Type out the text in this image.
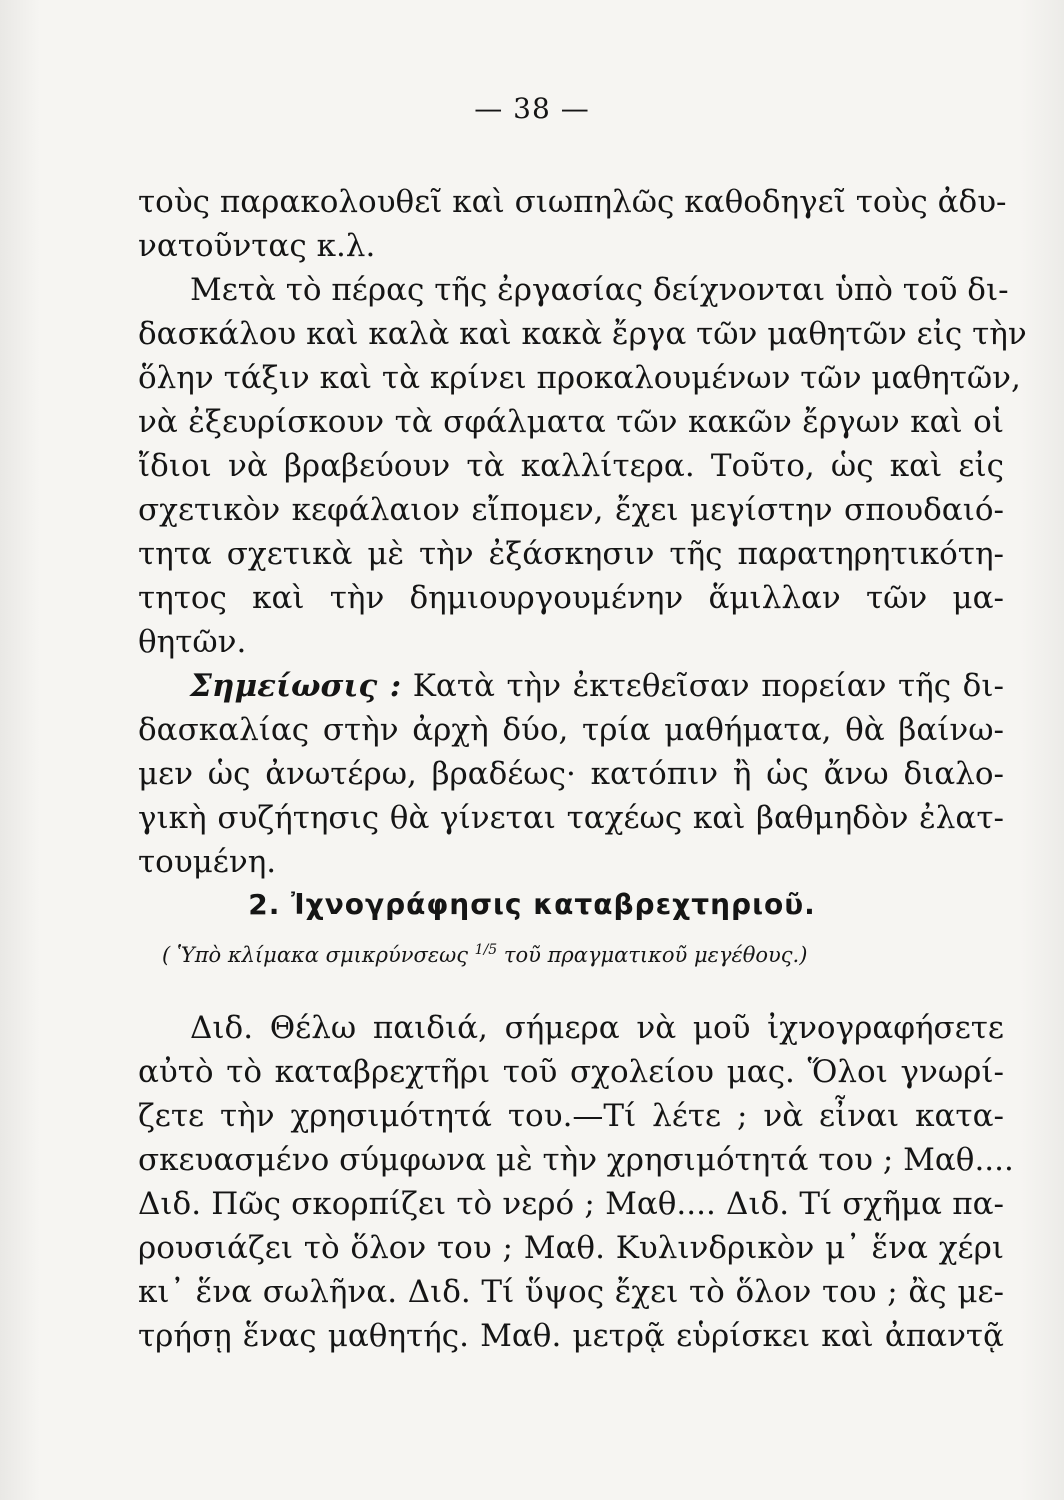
— 38 —
τοὺς παρακολουθεῖ καὶ σιωπηλῶς καθοδηγεῖ τοὺς ἀδυ-
νατοῦντας κ.λ.
Μετὰ τὸ πέρας τῆς ἐργασίας δείχνονται ὑπὸ τοῦ δι-
δασκάλου καὶ καλὰ καὶ κακὰ ἔργα τῶν μαθητῶν εἰς τὴν
ὅλην τάξιν καὶ τὰ κρίνει προκαλουμένων τῶν μαθητῶν,
νὰ ἐξευρίσκουν τὰ σφάλματα τῶν κακῶν ἔργων καὶ οἱ
ἴδιοι νὰ βραβεύουν τὰ καλλίτερα. Τοῦτο, ὡς καὶ εἰς
σχετικὸν κεφάλαιον εἴπομεν, ἔχει μεγίστην σπουδαιό-
τητα σχετικὰ μὲ τὴν ἐξάσκησιν τῆς παρατηρητικότη-
τητος καὶ τὴν δημιουργουμένην ἅμιλλαν τῶν μα-
θητῶν.
Σημείωσις : Κατὰ τὴν ἐκτεθεῖσαν πορείαν τῆς δι-
δασκαλίας στὴν ἀρχὴ δύο, τρία μαθήματα, θὰ βαίνω-
μεν ὡς ἀνωτέρω, βραδέως· κατόπιν ἢ ὡς ἄνω διαλο-
γικὴ συζήτησις θὰ γίνεται ταχέως καὶ βαθμηδὸν ἐλατ-
τουμένη.
2. Ἰχνογράφησις καταβρεχτηριοῦ.
( Ὑπὸ κλίμακα σμικρύνσεως $^{1/5}$ τοῦ πραγματικοῦ μεγέθους.)
Διδ. Θέλω παιδιά, σήμερα νὰ μοῦ ἰχνογραφήσετε
αὐτὸ τὸ καταβρεχτῆρι τοῦ σχολείου μας. Ὅλοι γνωρί-
ζετε τὴν χρησιμότητά του.—Τί λέτε ; νὰ εἶναι κατα-
σκευασμένο σύμφωνα μὲ τὴν χρησιμότητά του ; Μαθ....
Διδ. Πῶς σκορπίζει τὸ νερό ; Μαθ.... Διδ. Τί σχῆμα πα-
ρουσιάζει τὸ ὅλον του ; Μαθ. Κυλινδρικὸν μ᾽ ἕνα χέρι
κι᾽ ἕνα σωλῆνα. Διδ. Τί ὕψος ἔχει τὸ ὅλον του ; ἂς με-
τρήσῃ ἕνας μαθητής. Μαθ. μετρᾷ εὑρίσκει καὶ ἀπαντᾷ
